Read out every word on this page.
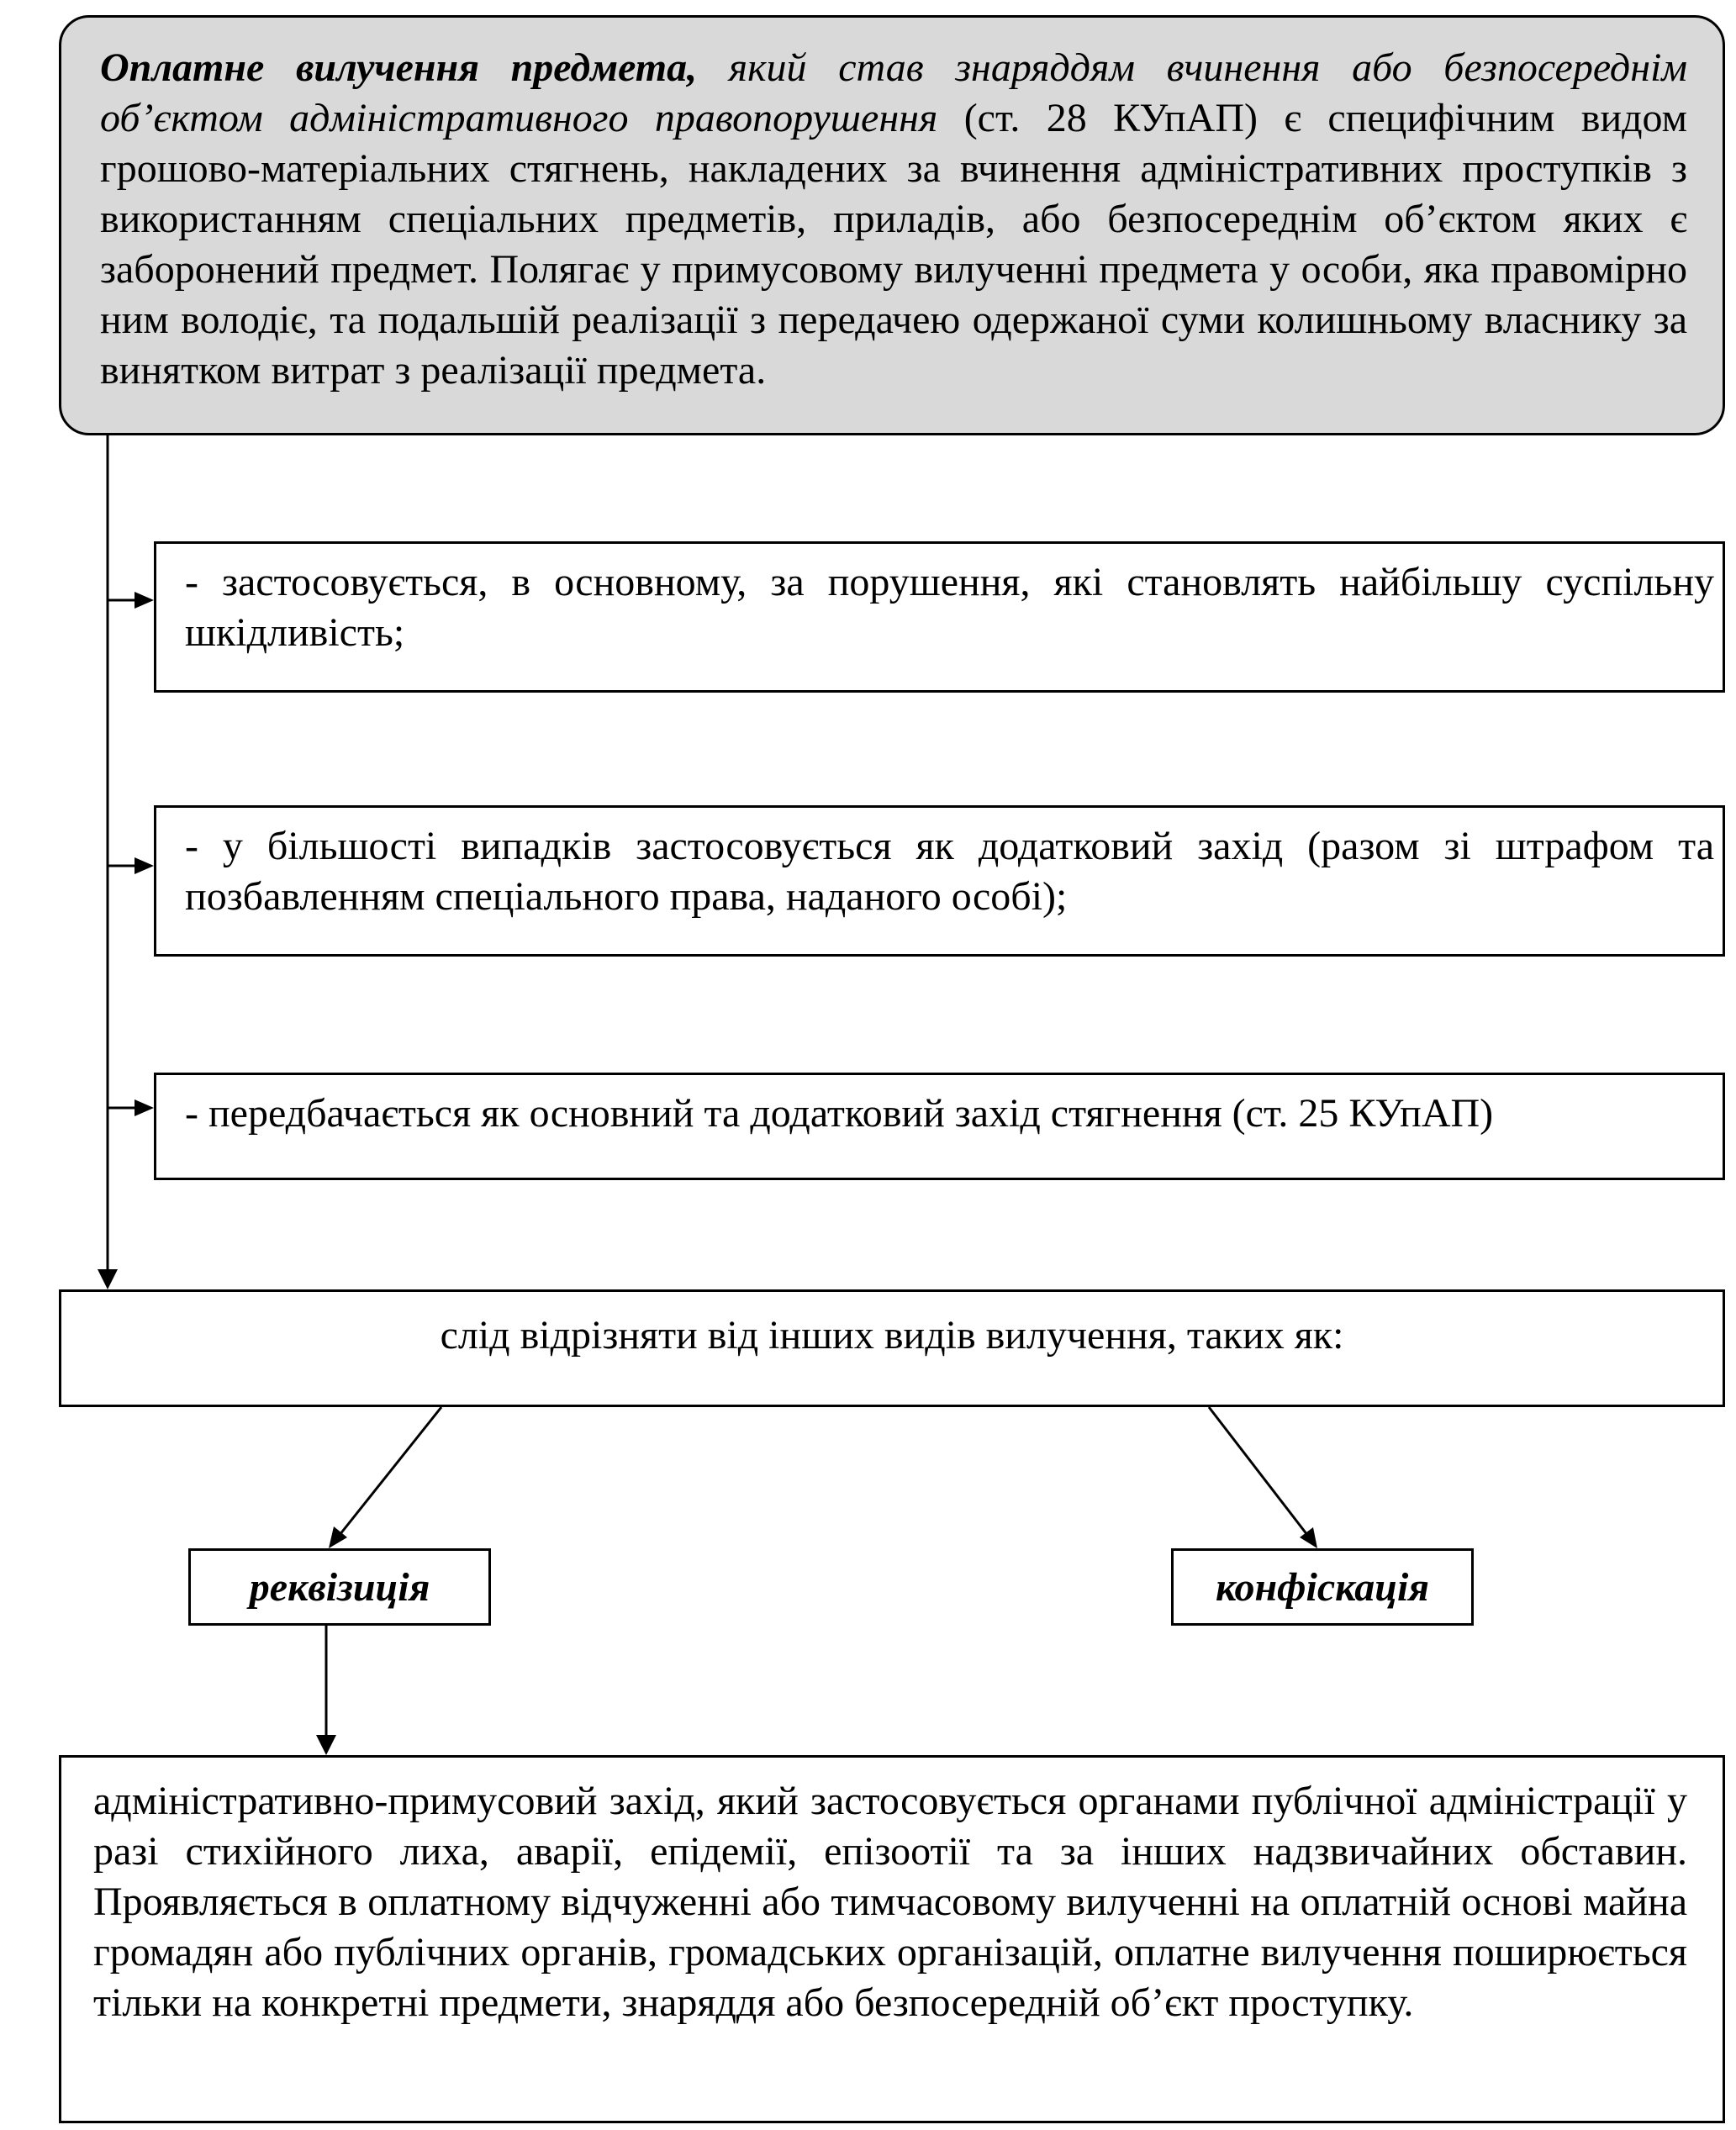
Оплатне вилучення предмета, який став знаряддям вчинення або безпосереднім об’єктом адміністративного правопорушення (ст. 28 КУпАП) є специфічним видом грошово-матеріальних стягнень, накладених за вчинення адміністративних проступків з використанням спеціальних предметів, приладів, або безпосереднім об’єктом яких є заборонений предмет. Полягає у примусовому вилученні предмета у особи, яка правомірно ним володіє, та подальшій реалізації з передачею одержаної суми колишньому власнику за винятком витрат з реалізації предмета.

- застосовується, в основному, за порушення, які становлять найбільшу суспільну шкідливість;

- у більшості випадків застосовується як додатковий захід (разом зі штрафом та позбавленням спеціального права, наданого особі);

- передбачається як основний та додатковий захід стягнення (ст. 25 КУпАП)

слід відрізняти від інших видів вилучення, таких як:

реквізиція	конфіскація

адміністративно-примусовий захід, який застосовується органами публічної адміністрації у разі стихійного лиха, аварії, епідемії, епізоотії та за інших надзвичайних обставин. Проявляється в оплатному відчуженні або тимчасовому вилученні на оплатній основі майна громадян або публічних органів, громадських організацій, оплатне вилучення поширюється тільки на конкретні предмети, знаряддя або безпосередній об’єкт проступку.
